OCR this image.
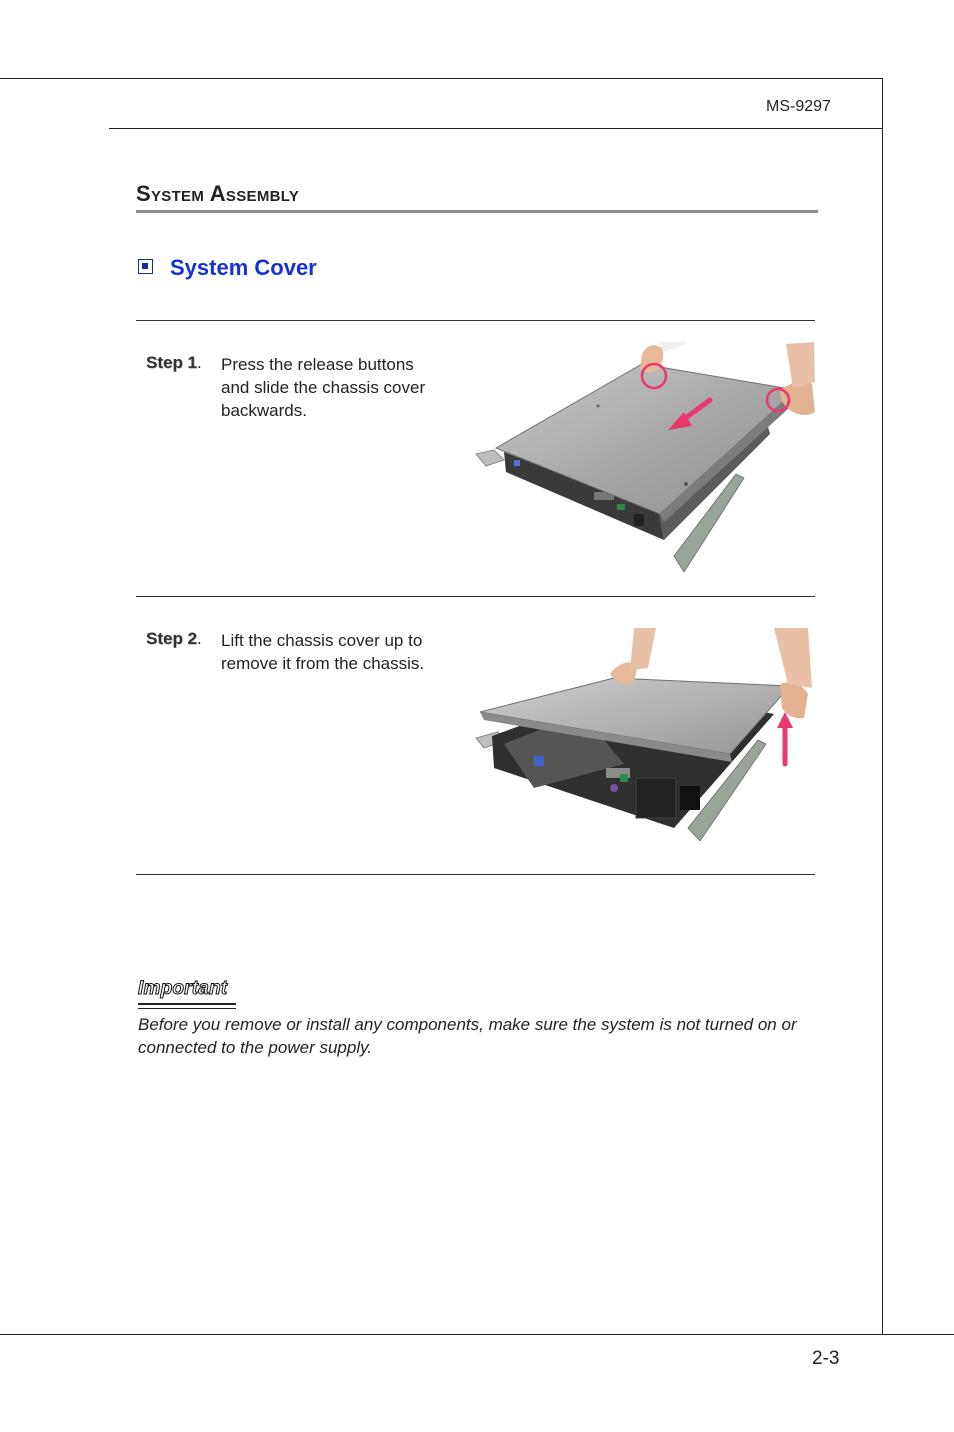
MS-9297
2-3
System Assembly
System Cover
Step 1. Press the release buttons
and slide the chassis cover
backwards.
Step 2. Lift the chassis cover up to
remove it from the chassis.
Important
Before you remove or install any components, make sure the system is not turned on or connected to the power supply.
